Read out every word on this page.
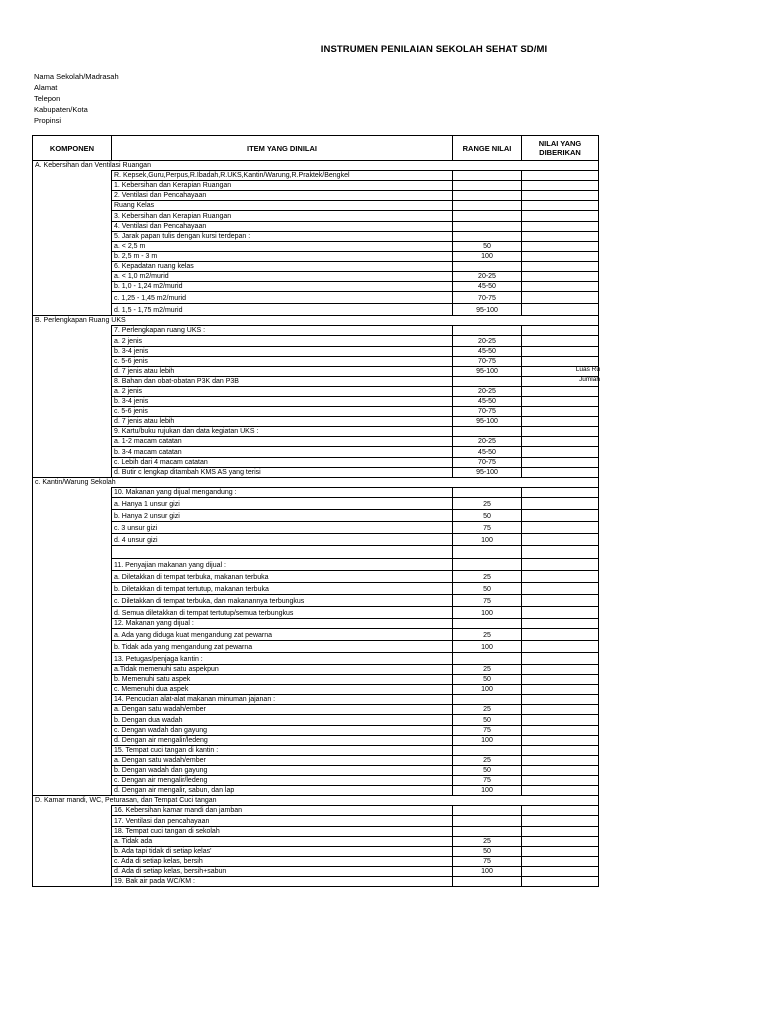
INSTRUMEN PENILAIAN SEKOLAH SEHAT SD/MI
Nama Sekolah/Madrasah
Alamat
Telepon
Kabupaten/Kota
Propinsi
KOMPONEN	ITEM YANG DINILAI	RANGE NILAI	NILAI YANG DIBERIKAN
A. Kebersihan dan Ventilasi Ruangan			
	R. Kepsek,Guru,Perpus,R.Ibadah,R.UKS,Kantin/Warung,R.Praktek/Bengkel		
	1. Kebersihan dan Kerapian Ruangan		
	2. Ventilasi dan Pencahayaan		
	Ruang Kelas		
	3. Kebersihan dan Kerapian Ruangan		
	4. Ventilasi dan Pencahayaan		
	5. Jarak papan tulis dengan kursi terdepan :		
	a. < 2,5 m	50	
	b. 2,5 m - 3 m	100	
	6. Kepadatan ruang kelas		
	a. < 1,0 m2/murid	20-25	
	b. 1,0 - 1,24 m2/murid	45-50	
	c. 1,25 - 1,45 m2/murid	70-75	
	d. 1,5 - 1,75 m2/murid	95-100	
B. Perlengkapan Ruang UKS			
	7. Perlengkapan ruang UKS :		
	a. 2 jenis	20-25	
	b. 3-4 jenis	45-50	
	c. 5-6 jenis	70-75	
	d. 7 jenis atau lebih	95-100	
	8. Bahan dan obat-obatan P3K dan P3B		
	a. 2 jenis	20-25	
	b. 3-4 jenis	45-50	
	c. 5-6 jenis	70-75	
	d. 7 jenis atau lebih	95-100	
	9. Kartu/buku rujukan dan data kegiatan UKS :		
	a. 1-2 macam catatan	20-25	
	b. 3-4 macam catatan	45-50	
	c. Lebih dari 4 macam catatan	70-75	
	d. Butir c lengkap ditambah KMS AS yang terisi	95-100	
c. Kantin/Warung Sekolah			
	10. Makanan yang dijual mengandung :		
	a. Hanya 1 unsur gizi	25	
	b. Hanya 2 unsur gizi	50	
	c. 3 unsur gizi	75	
	d. 4 unsur gizi	100	

	11. Penyajian makanan yang dijual :		
	a. Diletakkan di tempat terbuka, makanan terbuka	25	
	b. Diletakkan di tempat tertutup, makanan terbuka	50	
	c. Diletakkan di tempat terbuka, dan makanannya terbungkus	75	
	d. Semua diletakkan di tempat tertutup/semua terbungkus	100	
	12. Makanan yang dijual :		
	a. Ada yang diduga kuat mengandung zat pewarna	25	
	b. Tidak ada yang mengandung zat pewarna	100	
	13. Petugas/penjaga kantin :		
	a.Tidak memenuhi satu aspekpun	25	
	b. Memenuhi satu aspek	50	
	c. Memenuhi dua aspek	100	
	14. Pencucian alat-alat makanan minuman jajanan :		
	a. Dengan satu wadah/ember	25	
	b. Dengan dua wadah	50	
	c. Dengan wadah dan gayung	75	
	d. Dengan air mengalir/ledeng	100	
	15. Tempat cuci tangan di kantin :		
	a. Dengan satu wadah/ember	25	
	b. Dengan wadah dan gayung	50	
	c. Dengan air mengalir/ledeng	75	
	d. Dengan air mengalir, sabun, dan lap	100	
D. Kamar mandi, WC, Peturasan, dan Tempat Cuci tangan			
	16. Kebersihan kamar mandi dan jamban		
	17. Ventilasi dan pencahayaan		
	18. Tempat cuci tangan di sekolah		
	a. Tidak ada	25	
	b. Ada tapi tidak di setiap kelas'	50	
	c. Ada di setiap kelas, bersih	75	
	d. Ada di setiap kelas, bersih+sabun	100	
	19. Bak air pada WC/KM :		
Luas Ru
Jumlah
